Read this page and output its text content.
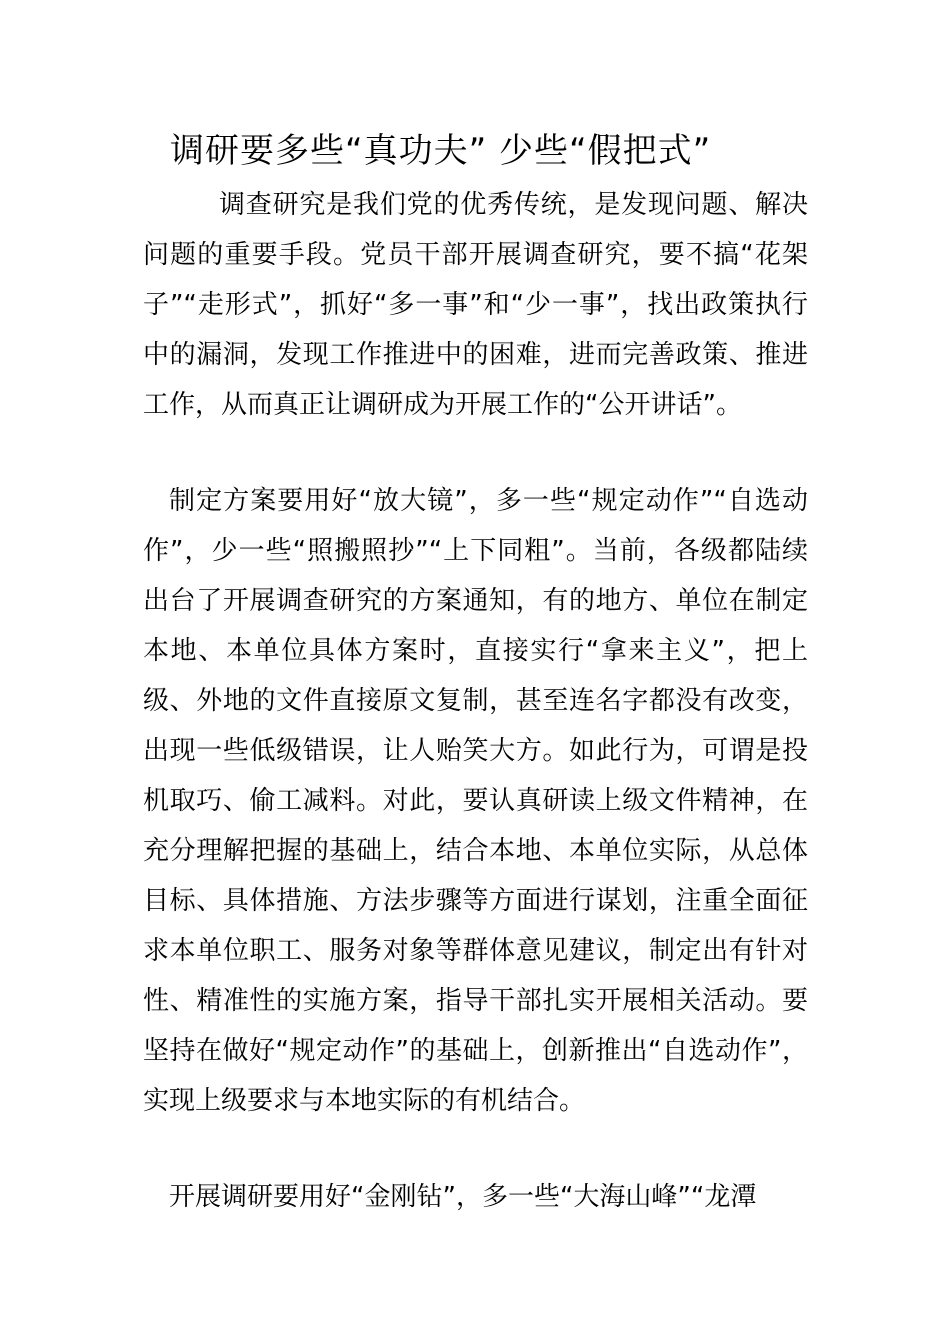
调研要多些“真功夫” 少些“假把式”

调查研究是我们党的优秀传统，是发现问题、解决问题的重要手段。党员干部开展调查研究，要不搞“花架子”“走形式”，抓好“多一事”和“少一事”，找出政策执行中的漏洞，发现工作推进中的困难，进而完善政策、推进工作，从而真正让调研成为开展工作的“公开讲话”。

制定方案要用好“放大镜”，多一些“规定动作”“自选动作”，少一些“照搬照抄”“上下同粗”。当前，各级都陆续出台了开展调查研究的方案通知，有的地方、单位在制定本地、本单位具体方案时，直接实行“拿来主义”，把上级、外地的文件直接原文复制，甚至连名字都没有改变，出现一些低级错误，让人贻笑大方。如此行为，可谓是投机取巧、偷工减料。对此，要认真研读上级文件精神，在充分理解把握的基础上，结合本地、本单位实际，从总体目标、具体措施、方法步骤等方面进行谋划，注重全面征求本单位职工、服务对象等群体意见建议，制定出有针对性、精准性的实施方案，指导干部扎实开展相关活动。要坚持在做好“规定动作”的基础上，创新推出“自选动作”，实现上级要求与本地实际的有机结合。

开展调研要用好“金刚钻”，多一些“大海山峰”“龙潭
